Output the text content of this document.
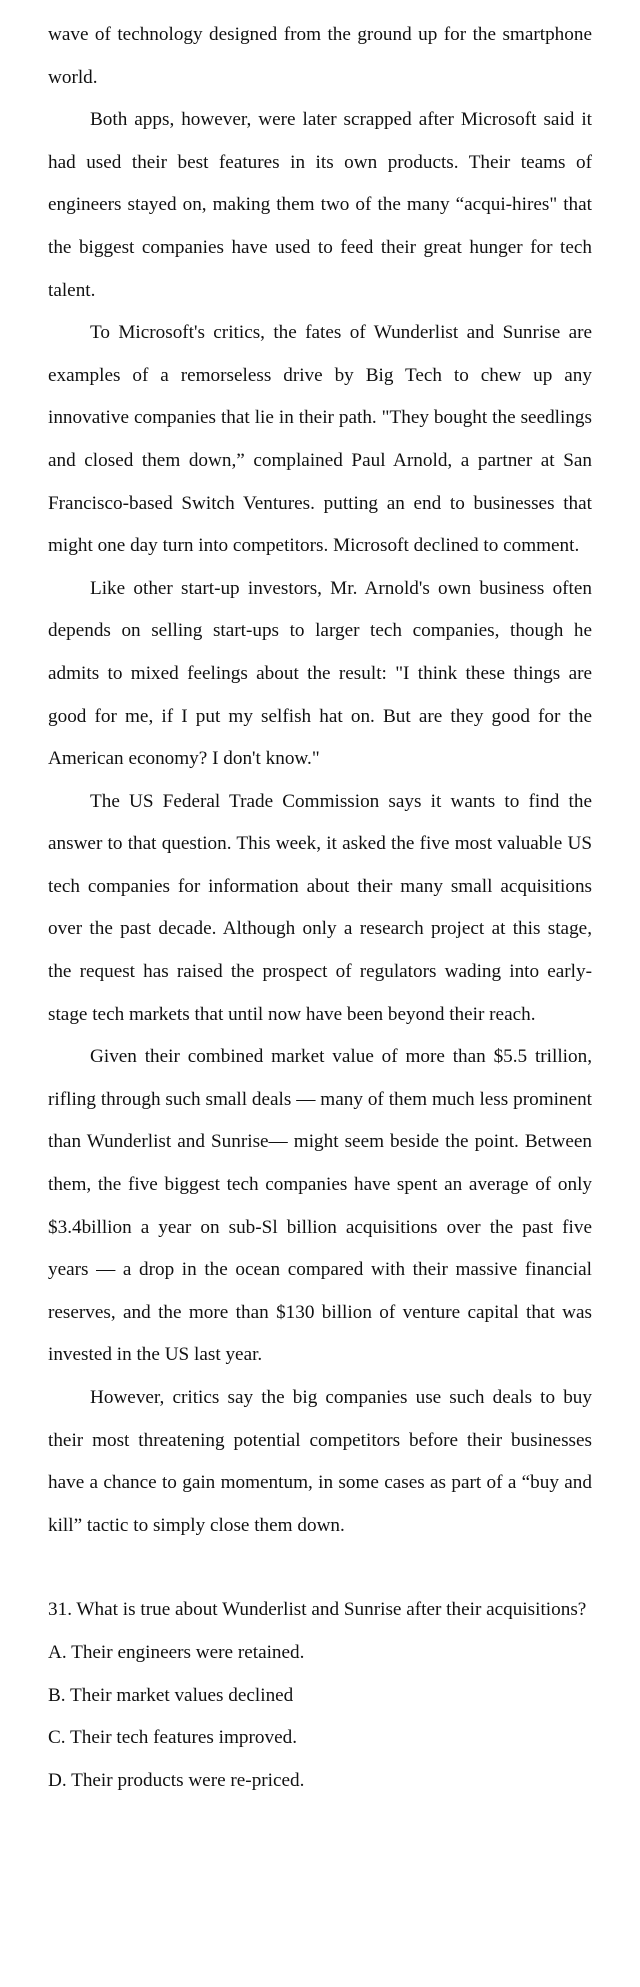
wave of technology designed from the ground up for the smartphone world.

Both apps, however, were later scrapped after Microsoft said it had used their best features in its own products. Their teams of engineers stayed on, making them two of the many “acqui-hires" that the biggest companies have used to feed their great hunger for tech talent.

To Microsoft's critics, the fates of Wunderlist and Sunrise are examples of a remorseless drive by Big Tech to chew up any innovative companies that lie in their path. "They bought the seedlings and closed them down,” complained Paul Arnold, a partner at San Francisco-based Switch Ventures. putting an end to businesses that might one day turn into competitors. Microsoft declined to comment.

Like other start-up investors, Mr. Arnold's own business often depends on selling start-ups to larger tech companies, though he admits to mixed feelings about the result: "I think these things are good for me, if I put my selfish hat on. But are they good for the American economy? I don't know."

The US Federal Trade Commission says it wants to find the answer to that question. This week, it asked the five most valuable US tech companies for information about their many small acquisitions over the past decade. Although only a research project at this stage, the request has raised the prospect of regulators wading into early-stage tech markets that until now have been beyond their reach.

Given their combined market value of more than $5.5 trillion, rifling through such small deals — many of them much less prominent than Wunderlist and Sunrise— might seem beside the point. Between them, the five biggest tech companies have spent an average of only $3.4billion a year on sub-Sl billion acquisitions over the past five years — a drop in the ocean compared with their massive financial reserves, and the more than $130 billion of venture capital that was invested in the US last year.

However, critics say the big companies use such deals to buy their most threatening potential competitors before their businesses have a chance to gain momentum, in some cases as part of a “buy and kill” tactic to simply close them down.

31. What is true about Wunderlist and Sunrise after their acquisitions?

A. Their engineers were retained.

B. Their market values declined

C. Their tech features improved.

D. Their products were re-priced.
